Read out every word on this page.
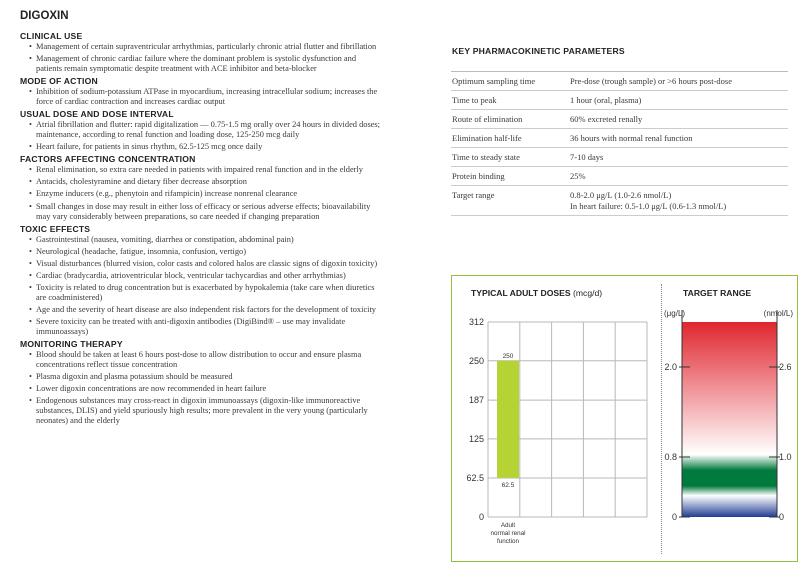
DIGOXIN
CLINICAL USE
• Management of certain supraventricular arrhythmias, particularly chronic atrial flutter and fibrillation
• Management of chronic cardiac failure where the dominant problem is systolic dysfunction and patients remain symptomatic despite treatment with ACE inhibitor and beta-blocker
MODE OF ACTION
• Inhibition of sodium-potassium ATPase in myocardium, increasing intracellular sodium; increases the force of cardiac contraction and increases cardiac output
USUAL DOSE AND DOSE INTERVAL
• Atrial fibrillation and flutter: rapid digitalization — 0.75-1.5 mg orally over 24 hours in divided doses; maintenance, according to renal function and loading dose, 125-250 mcg daily
• Heart failure, for patients in sinus rhythm, 62.5-125 mcg once daily
FACTORS AFFECTING CONCENTRATION
• Renal elimination, so extra care needed in patients with impaired renal function and in the elderly
• Antacids, cholestyramine and dietary fiber decrease absorption
• Enzyme inducers (e.g., phenytoin and rifampicin) increase nonrenal clearance
• Small changes in dose may result in either loss of efficacy or serious adverse effects; bioavailability may vary considerably between preparations, so care needed if changing preparation
TOXIC EFFECTS
• Gastrointestinal (nausea, vomiting, diarrhea or constipation, abdominal pain)
• Neurological (headache, fatigue, insomnia, confusion, vertigo)
• Visual disturbances (blurred vision, color casts and colored halos are classic signs of digoxin toxicity)
• Cardiac (bradycardia, atrioventricular block, ventricular tachycardias and other arrhythmias)
• Toxicity is related to drug concentration but is exacerbated by hypokalemia (take care when diuretics are coadministered)
• Age and the severity of heart disease are also independent risk factors for the development of toxicity
• Severe toxicity can be treated with anti-digoxin antibodies (DigiBind® – use may invalidate immunoassays)
MONITORING THERAPY
• Blood should be taken at least 6 hours post-dose to allow distribution to occur and ensure plasma concentrations reflect tissue concentration
• Plasma digoxin and plasma potassium should be measured
• Lower digoxin concentrations are now recommended in heart failure
• Endogenous substances may cross-react in digoxin immunoassays (digoxin-like immunoreactive substances, DLIS) and yield spuriously high results; more prevalent in the very young (particularly neonates) and the elderly
KEY PHARMACOKINETIC PARAMETERS
Optimum sampling time	Pre-dose (trough sample) or >6 hours post-dose
Time to peak	1 hour (oral, plasma)
Route of elimination	60% excreted renally
Elimination half-life	36 hours with normal renal function
Time to steady state	7-10 days
Protein binding	25%
Target range	0.8-2.0 μg/L (1.0-2.6 nmol/L)
In heart failure: 0.5-1.0 μg/L (0.6-1.3 nmol/L)
TYPICAL ADULT DOSES (mcg/d)	TARGET RANGE
312
250
187
125
62.5
0
250
62.5
Adult
normal renal
function
(μg/L)	(nmol/L)
2.0
0.8
0
2.6
1.0
0
